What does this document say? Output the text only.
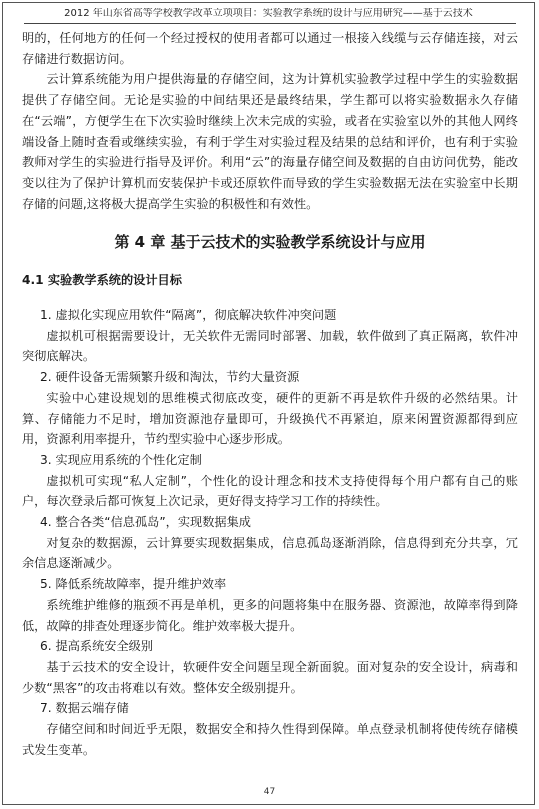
2012 年山东省高等学校教学改革立项项目：实验教学系统的设计与应用研究——基于云技术

明的，任何地方的任何一个经过授权的使用者都可以通过一根接入线缆与云存储连接，对云存储进行数据访问。

云计算系统能为用户提供海量的存储空间，这为计算机实验教学过程中学生的实验数据提供了存储空间。无论是实验的中间结果还是最终结果，学生都可以将实验数据永久存储在“云端”，方便学生在下次实验时继续上次未完成的实验，或者在实验室以外的其他人网终端设备上随时查看或继续实验，有利于学生对实验过程及结果的总结和评价，也有利于实验教师对学生的实验进行指导及评价。利用“云”的海量存储空间及数据的自由访问优势，能改变以往为了保护计算机而安装保护卡或还原软件而导致的学生实验数据无法在实验室中长期存储的问题,这将极大提高学生实验的积极性和有效性。

第 4 章 基于云技术的实验教学系统设计与应用
4.1 实验教学系统的设计目标

1. 虚拟化实现应用软件“隔离”，彻底解决软件冲突问题

虚拟机可根据需要设计，无关软件无需同时部署、加载，软件做到了真正隔离，软件冲突彻底解决。

2. 硬件设备无需频繁升级和淘汰，节约大量资源

实验中心建设规划的思维模式彻底改变，硬件的更新不再是软件升级的必然结果。计算、存储能力不足时，增加资源池存量即可，升级换代不再紧迫，原来闲置资源都得到应用，资源利用率提升，节约型实验中心逐步形成。

3. 实现应用系统的个性化定制

虚拟机可实现“私人定制”，个性化的设计理念和技术支持使得每个用户都有自己的账户，每次登录后都可恢复上次记录，更好得支持学习工作的持续性。

4. 整合各类“信息孤岛”，实现数据集成

对复杂的数据源，云计算要实现数据集成，信息孤岛逐渐消除，信息得到充分共享，冗余信息逐渐减少。

5. 降低系统故障率，提升维护效率

系统维护维修的瓶颈不再是单机，更多的问题将集中在服务器、资源池，故障率得到降低，故障的排查处理逐步简化。维护效率极大提升。

6. 提高系统安全级别

基于云技术的安全设计，软硬件安全问题呈现全新面貌。面对复杂的安全设计，病毒和少数“黑客”的攻击将难以有效。整体安全级别提升。

7. 数据云端存储

存储空间和时间近乎无限，数据安全和持久性得到保障。单点登录机制将使传统存储模式发生变革。

47
